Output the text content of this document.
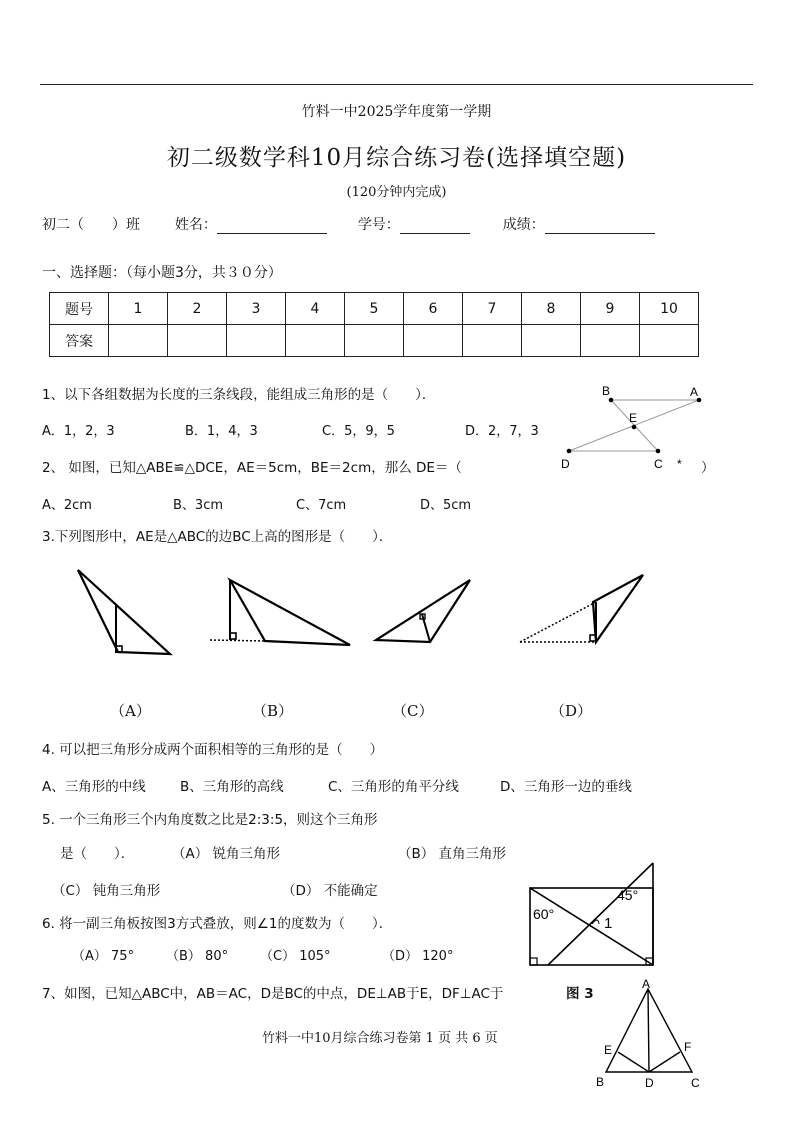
竹料一中2025学年度第一学期
初二级数学科10月综合练习卷(选择填空题)
(120分钟内完成)
初二（　　）班 姓名：	学号：	成绩：
一、选择题：（每小题3分，共３０分）
题号	1	2	3	4	5	6	7	8	9	10
答案										
1、以下各组数据为长度的三条线段，能组成三角形的是（　　）．
A．1，2，3	B．1，4，3	C．5，9，5	D．2，7，3
B	A
E
D	C *
2、 如图，已知△ABE≌△DCE，AE＝5cm，BE＝2cm，那么 DE＝（	）
A、2cm	B、3cm	C、7cm	D、5cm
3.下列图形中，AE是△ABC的边BC上高的图形是（　　）．
（A）	（B）	（C）	（D）
4. 可以把三角形分成两个面积相等的三角形的是（　　）
A、三角形的中线	B、三角形的高线	C、三角形的角平分线	D、三角形一边的垂线
5. 一个三角形三个内角度数之比是2:3:5，则这个三角形
是（　　）．	（A） 锐角三角形	（B） 直角三角形
（C） 钝角三角形	（D） 不能确定
60°
45°
1
6. 将一副三角板按图3方式叠放，则∠1的度数为（　　）．
（A） 75° （B） 80° （C） 105°	（D） 120°
7、如图，已知△ABC中，AB＝AC，D是BC的中点，DE⊥AB于E，DF⊥AC于	图 3
A
E	F
B	D	C
竹料一中10月综合练习卷第 1 页 共 6 页
